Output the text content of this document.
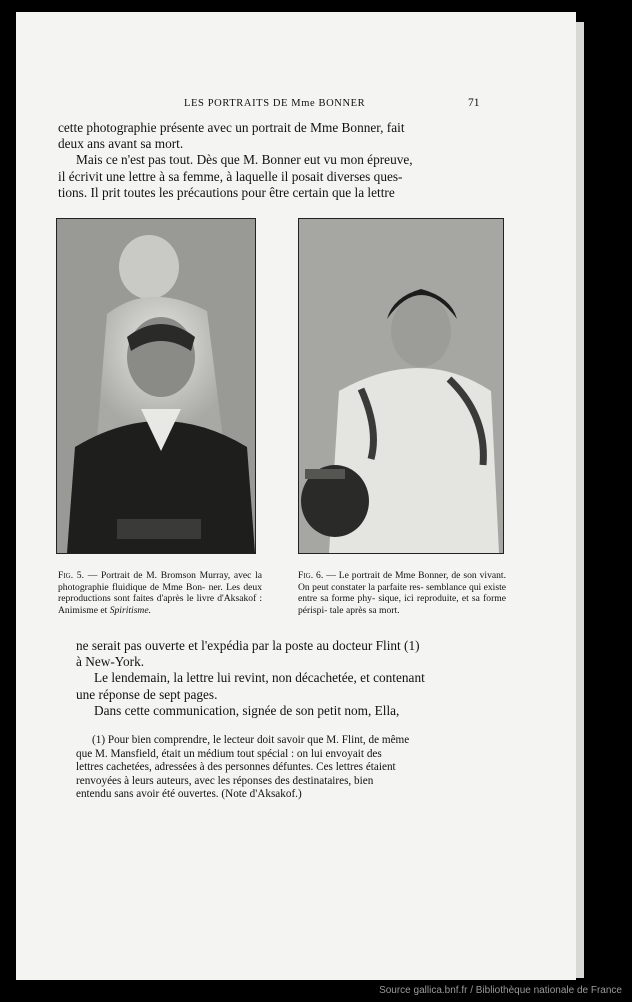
LES PORTRAITS DE Mme BONNER	71
cette photographie présente avec un portrait de Mme Bonner, fait
deux ans avant sa mort.
Mais ce n'est pas tout. Dès que M. Bonner eut vu mon épreuve,
il écrivit une lettre à sa femme, à laquelle il posait diverses ques-
tions. Il prit toutes les précautions pour être certain que la lettre
Fig. 5. — Portrait de M. Bromson Murray, avec la photographie fluidique de Mme Bon- ner. Les deux reproductions sont faites d'après le livre d'Aksakof : Animisme et Spiritisme.
Fig. 6. — Le portrait de Mme Bonner, de son vivant. On peut constater la parfaite res- semblance qui existe entre sa forme phy- sique, ici reproduite, et sa forme périspi- tale après sa mort.
ne serait pas ouverte et l'expédia par la poste au docteur Flint (1)
à New-York.
Le lendemain, la lettre lui revint, non décachetée, et contenant
une réponse de sept pages.
Dans cette communication, signée de son petit nom, Ella,
(1) Pour bien comprendre, le lecteur doit savoir que M. Flint, de même
que M. Mansfield, était un médium tout spécial : on lui envoyait des
lettres cachetées, adressées à des personnes défuntes. Ces lettres étaient
renvoyées à leurs auteurs, avec les réponses des destinataires, bien
entendu sans avoir été ouvertes. (Note d'Aksakof.)
Source gallica.bnf.fr / Bibliothèque nationale de France
